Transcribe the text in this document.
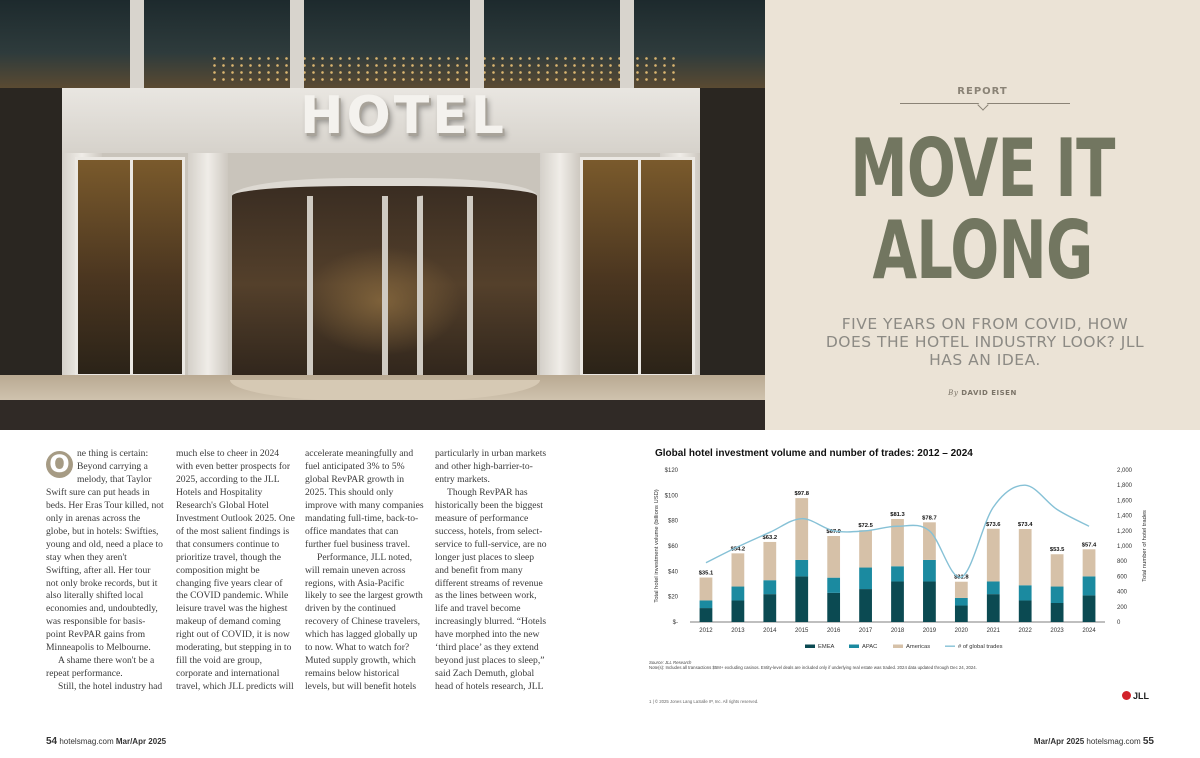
HOTEL	REPORT
MOVE IT
ALONG
FIVE YEARS ON FROM COVID, HOW DOES THE HOTEL INDUSTRY LOOK? JLL HAS AN IDEA.
By DAVID EISEN

O ne thing is certain: Beyond carrying a melody, that Taylor Swift sure can put heads in beds. Her Eras Tour killed, not only in arenas across the globe, but in hotels: Swifties, young and old, need a place to stay when they aren't Swifting, after all. Her tour not only broke records, but it also literally shifted local economies and, undoubtedly, was responsible for basis-point RevPAR gains from Minneapolis to Melbourne.

A shame there won't be a repeat performance.

Still, the hotel industry had

much else to cheer in 2024 with even better prospects for 2025, according to the JLL Hotels and Hospitality Research's Global Hotel Investment Outlook 2025. One of the most salient findings is that consumers continue to prioritize travel, though the composition might be changing five years clear of the COVID pandemic. While leisure travel was the highest makeup of demand coming right out of COVID, it is now moderating, but stepping in to fill the void are group, corporate and international travel, which JLL predicts will

accelerate meaningfully and fuel anticipated 3% to 5% global RevPAR growth in 2025. This should only improve with many companies mandating full-time, back-to-office mandates that can further fuel business travel.

Performance, JLL noted, will remain uneven across regions, with Asia-Pacific likely to see the largest growth driven by the continued recovery of Chinese travelers, which has lagged globally up to now. What to watch for? Muted supply growth, which remains below historical levels, but will benefit hotels

particularly in urban markets and other high-barrier-to-entry markets.

Though RevPAR has historically been the biggest measure of performance success, hotels, from select-service to full-service, are no longer just places to sleep and benefit from many different streams of revenue as the lines between work, life and travel become increasingly blurred. “Hotels have morphed into the new ‘third place’ as they extend beyond just places to sleep,” said Zach Demuth, global head of hotels research, JLL

Global hotel investment volume and number of trades: 2012 – 2024
$-
$20
$40
$60
$80
$100
$120
0
200
400
600
800
1,000
1,200
1,400
1,600
1,800
2,000
Total hotel investment volume (billions USD)	Total number of hotel trades
$35.1
2012
$54.2
2013
$63.2
2014
$97.8
2015
$67.9
2016
$72.5
2017
$81.3
2018
$78.7
2019
$31.8
2020
$73.6
2021
$73.4
2022
$53.5
2023
$57.4
2024
EMEA	APAC	Americas	# of global trades
Source: JLL Research
Note(s): Includes all transactions $5M+ excluding casinos. Entity-level deals are included only if underlying real estate was traded. 2024 data updated through Dec 24, 2024.
1 | © 2025 Jones Lang LaSalle IP, Inc. All rights reserved.
JLL
54 hotelsmag.com Mar/Apr 2025	Mar/Apr 2025 hotelsmag.com 55
